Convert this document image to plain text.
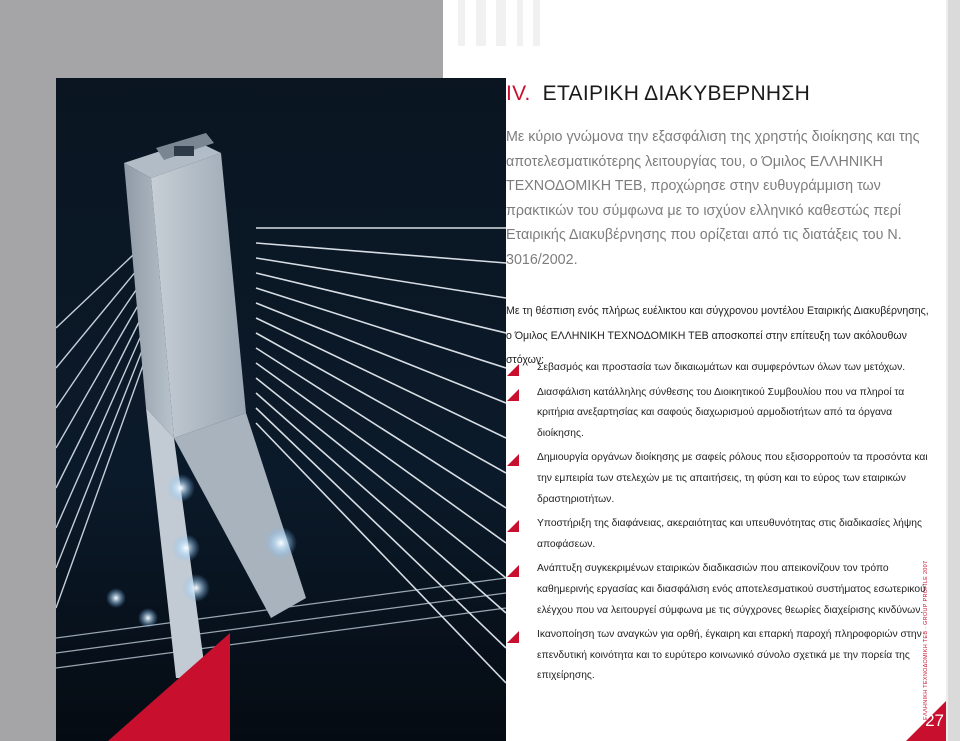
IV. ΕΤΑΙΡΙΚΗ ΔΙΑΚΥΒΕΡΝΗΣΗ

Με κύριο γνώμονα την εξασφάλιση της χρηστής διοίκησης και της αποτελεσματικότερης λειτουργίας του, ο Όμιλος ΕΛΛΗΝΙΚΗ ΤΕΧΝΟΔΟΜΙΚΗ ΤΕΒ, προχώρησε στην ευθυγράμμιση των πρακτικών του σύμφωνα με το ισχύον ελληνικό καθεστώς περί Εταιρικής Διακυβέρνησης που ορίζεται από τις διατάξεις του Ν. 3016/2002.

Με τη θέσπιση ενός πλήρως ευέλικτου και σύγχρονου μοντέλου Εταιρικής Διακυβέρνησης, ο Όμιλος ΕΛΛΗΝΙΚΗ ΤΕΧΝΟΔΟΜΙΚΗ ΤΕΒ αποσκοπεί στην επίτευξη των ακόλουθων στόχων:

Σεβασμός και προστασία των δικαιωμάτων και συμφερόντων όλων των μετόχων.
Διασφάλιση κατάλληλης σύνθεσης του Διοικητικού Συμβουλίου που να πληροί τα κριτήρια ανεξαρτησίας και σαφούς διαχωρισμού αρμοδιοτήτων από τα όργανα διοίκησης.
Δημιουργία οργάνων διοίκησης με σαφείς ρόλους που εξισορροπούν τα προσόντα και την εμπειρία των στελεχών με τις απαιτήσεις, τη φύση και το εύρος των εταιρικών δραστηριοτήτων.
Υποστήριξη της διαφάνειας, ακεραιότητας και υπευθυνότητας στις διαδικασίες λήψης αποφάσεων.
Ανάπτυξη συγκεκριμένων εταιρικών διαδικασιών που απεικονίζουν τον τρόπο καθημερινής εργασίας και διασφάλιση ενός αποτελεσματικού συστήματος εσωτερικού ελέγχου που να λειτουργεί σύμφωνα με τις σύγχρονες θεωρίες διαχείρισης κινδύνων.
Ικανοποίηση των αναγκών για ορθή, έγκαιρη και επαρκή παροχή πληροφοριών στην επενδυτική κοινότητα και το ευρύτερο κοινωνικό σύνολο σχετικά με την πορεία της επιχείρησης.	ΕΛΛΗΝΙΚΗ ΤΕΧΝΟΔΟΜΙΚΗ ΤΕΒ · GROUP PROFILE 2007

27
